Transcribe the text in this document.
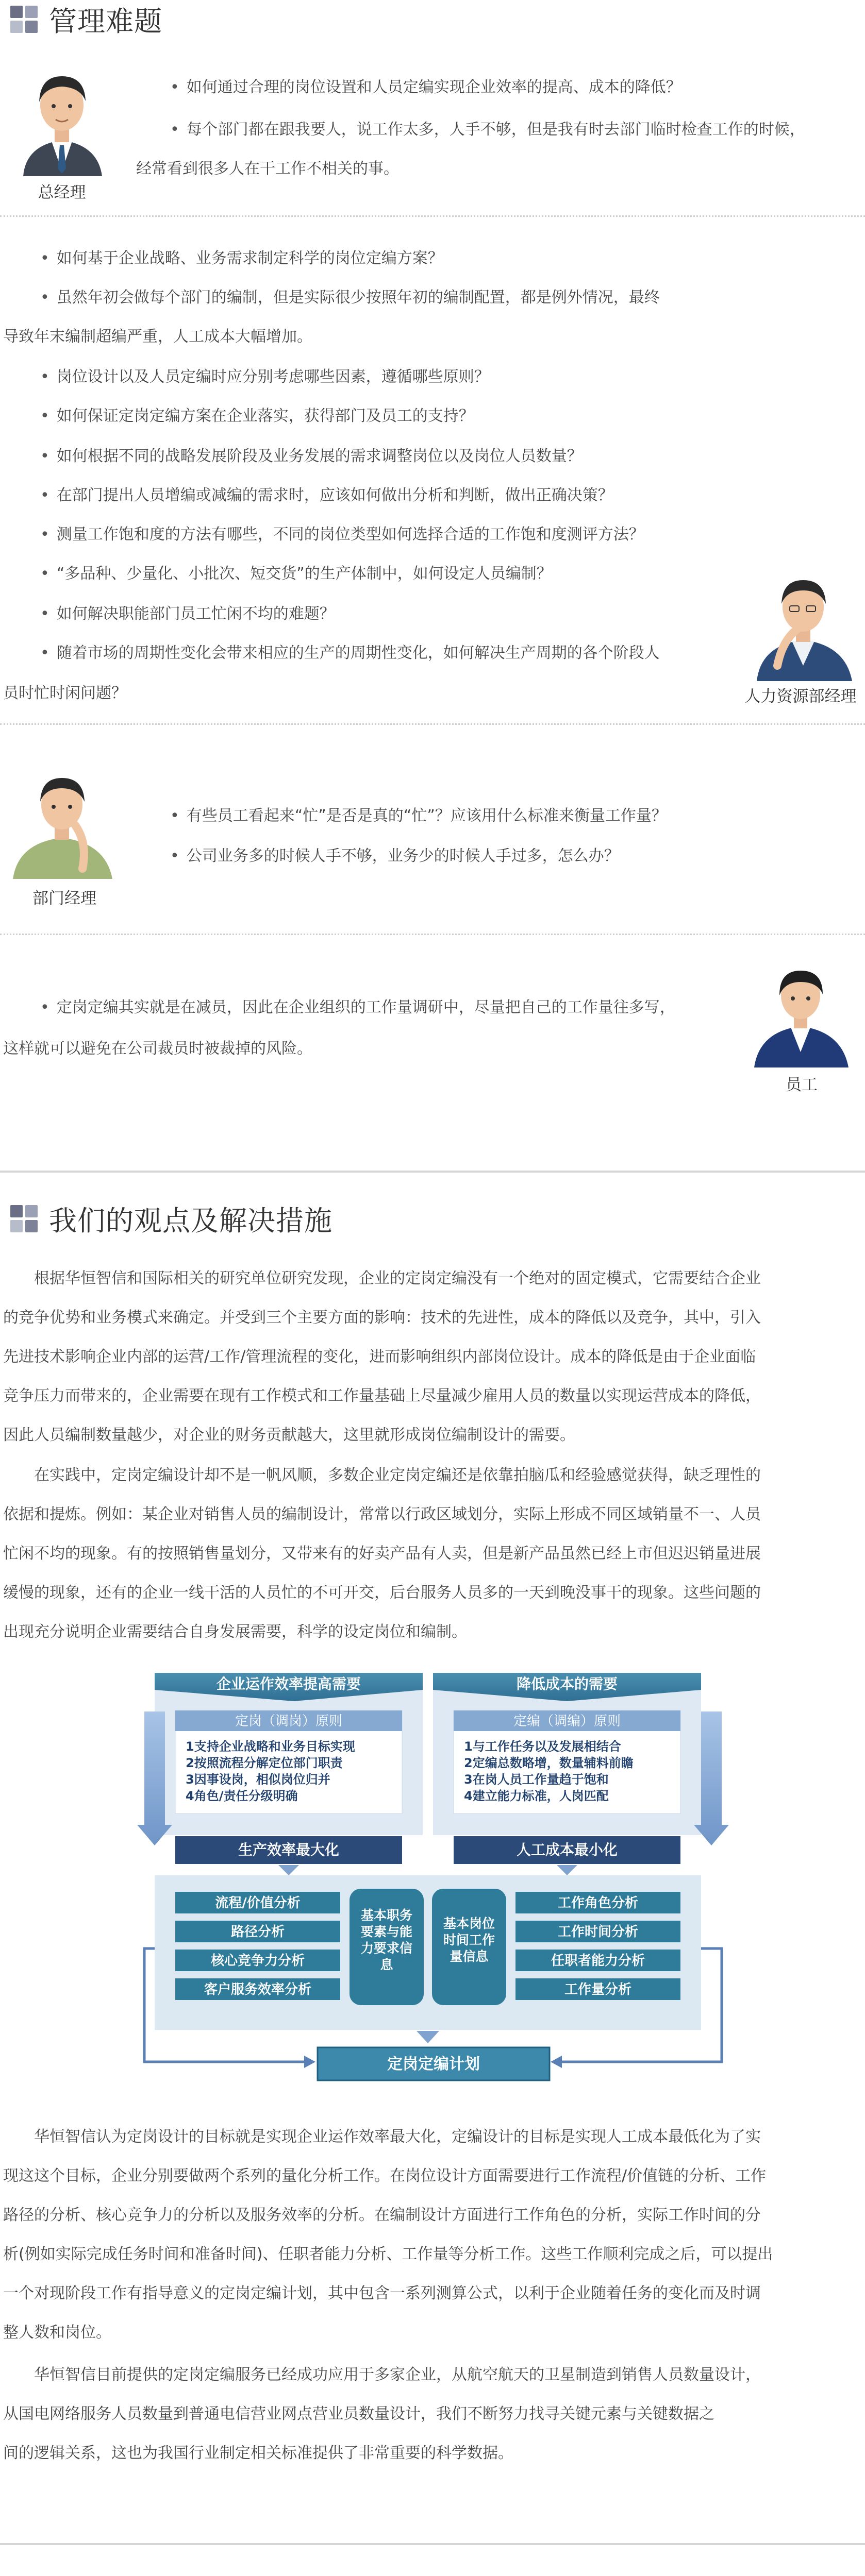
管理难题
总经理

• 如何通过合理的岗位设置和人员定编实现企业效率的提高、成本的降低？

• 每个部门都在跟我要人，说工作太多，人手不够，但是我有时去部门临时检查工作的时候，

经常看到很多人在干工作不相关的事。

• 如何基于企业战略、业务需求制定科学的岗位定编方案？

• 虽然年初会做每个部门的编制，但是实际很少按照年初的编制配置，都是例外情况，最终

导致年末编制超编严重，人工成本大幅增加。

• 岗位设计以及人员定编时应分别考虑哪些因素，遵循哪些原则？

• 如何保证定岗定编方案在企业落实，获得部门及员工的支持？

• 如何根据不同的战略发展阶段及业务发展的需求调整岗位以及岗位人员数量？

• 在部门提出人员增编或减编的需求时，应该如何做出分析和判断，做出正确决策？

• 测量工作饱和度的方法有哪些，不同的岗位类型如何选择合适的工作饱和度测评方法？

• “多品种、少量化、小批次、短交货”的生产体制中，如何设定人员编制？

• 如何解决职能部门员工忙闲不均的难题？

• 随着市场的周期性变化会带来相应的生产的周期性变化，如何解决生产周期的各个阶段人

员时忙时闲问题？	人力资源部经理
部门经理

• 有些员工看起来“忙”是否是真的“忙”？应该用什么标准来衡量工作量？

• 公司业务多的时候人手不够，业务少的时候人手过多，怎么办？

• 定岗定编其实就是在减员，因此在企业组织的工作量调研中，尽量把自己的工作量往多写，

这样就可以避免在公司裁员时被裁掉的风险。

员工
我们的观点及解决措施

　　根据华恒智信和国际相关的研究单位研究发现，企业的定岗定编没有一个绝对的固定模式，它需要结合企业

的竞争优势和业务模式来确定。并受到三个主要方面的影响：技术的先进性，成本的降低以及竞争，其中，引入

先进技术影响企业内部的运营/工作/管理流程的变化，进而影响组织内部岗位设计。成本的降低是由于企业面临

竞争压力而带来的，企业需要在现有工作模式和工作量基础上尽量减少雇用人员的数量以实现运营成本的降低，

因此人员编制数量越少，对企业的财务贡献越大，这里就形成岗位编制设计的需要。

　　在实践中，定岗定编设计却不是一帆风顺，多数企业定岗定编还是依靠拍脑瓜和经验感觉获得，缺乏理性的

依据和提炼。例如：某企业对销售人员的编制设计，常常以行政区域划分，实际上形成不同区域销量不一、人员

忙闲不均的现象。有的按照销售量划分，又带来有的好卖产品有人卖，但是新产品虽然已经上市但迟迟销量进展

缓慢的现象，还有的企业一线干活的人员忙的不可开交，后台服务人员多的一天到晚没事干的现象。这些问题的

出现充分说明企业需要结合自身发展需要，科学的设定岗位和编制。

企业运作效率提高需要	降低成本的需要
定岗（调岗）原则	定编（调编）原则
1支持企业战略和业务目标实现
2按照流程分解定位部门职责
3因事设岗，相似岗位归并
4角色/责任分级明确
1与工作任务以及发展相结合
2定编总数略增，数量辅料前瞻
3在岗人员工作量趋于饱和
4建立能力标准，人岗匹配
生产效率最大化	人工成本最小化
流程/价值分析
路径分析
核心竞争力分析
客户服务效率分析
工作角色分析
工作时间分析
任职者能力分析
工作量分析
基本职务
要素与能
力要求信
息
基本岗位
时间工作
量信息
定岗定编计划

　　华恒智信认为定岗设计的目标就是实现企业运作效率最大化，定编设计的目标是实现人工成本最低化为了实

现这这个目标，企业分别要做两个系列的量化分析工作。在岗位设计方面需要进行工作流程/价值链的分析、工作

路径的分析、核心竞争力的分析以及服务效率的分析。在编制设计方面进行工作角色的分析，实际工作时间的分

析(例如实际完成任务时间和准备时间)、任职者能力分析、工作量等分析工作。这些工作顺利完成之后，可以提出

一个对现阶段工作有指导意义的定岗定编计划，其中包含一系列测算公式，以利于企业随着任务的变化而及时调

整人数和岗位。

　　华恒智信目前提供的定岗定编服务已经成功应用于多家企业，从航空航天的卫星制造到销售人员数量设计，

从国电网络服务人员数量到普通电信营业网点营业员数量设计，我们不断努力找寻关键元素与关键数据之

间的逻辑关系，这也为我国行业制定相关标准提供了非常重要的科学数据。
